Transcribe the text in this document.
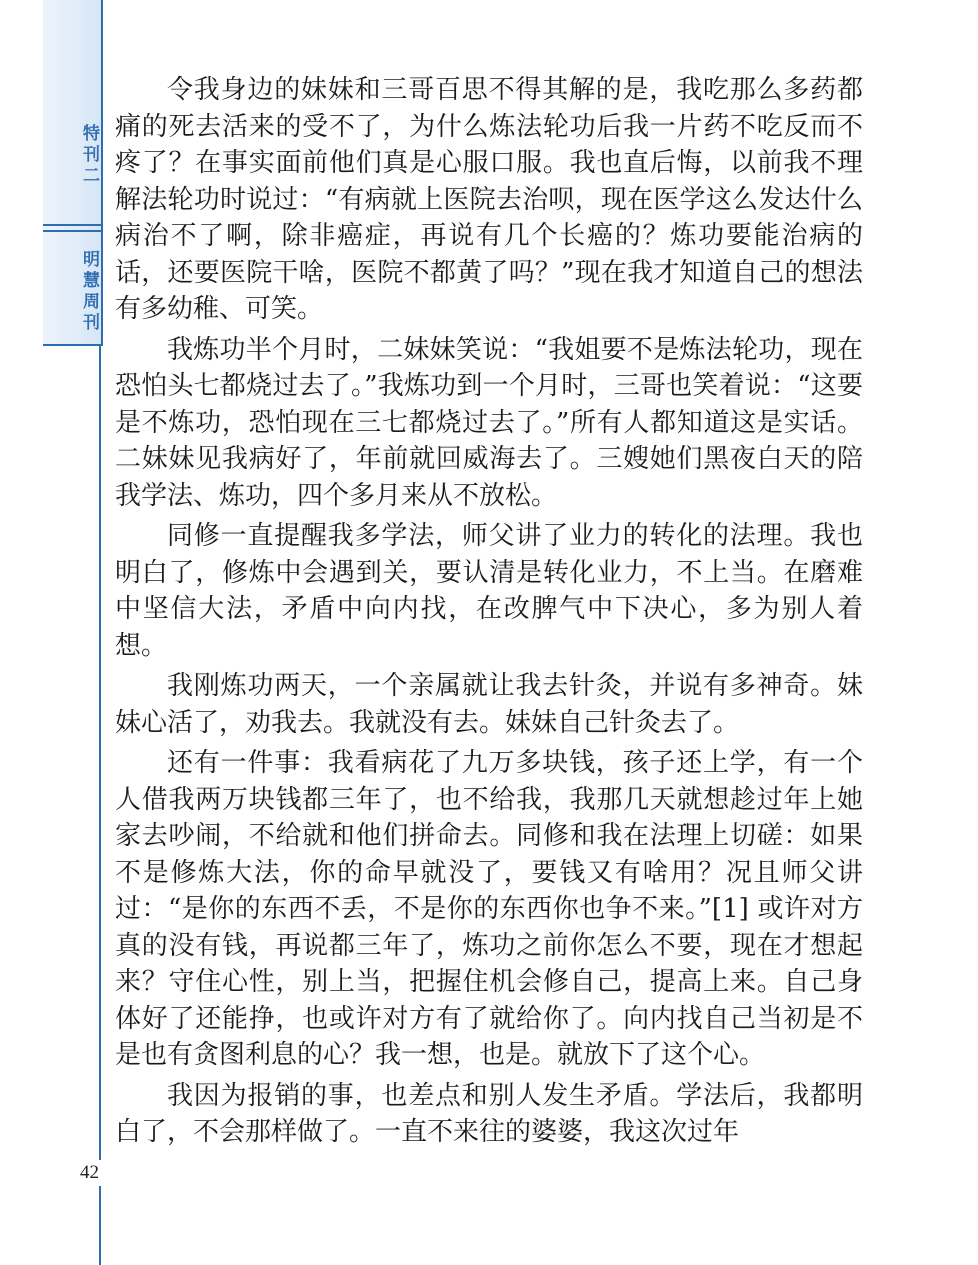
特刊二
明慧周刊
42

令我身边的妹妹和三哥百思不得其解的是，我吃那么多药都痛的死去活来的受不了，为什么炼法轮功后我一片药不吃反而不疼了？在事实面前他们真是心服口服。我也直后悔，以前我不理解法轮功时说过：“有病就上医院去治呗，现在医学这么发达什么病治不了啊，除非癌症，再说有几个长癌的？炼功要能治病的话，还要医院干啥，医院不都黄了吗？”现在我才知道自己的想法有多幼稚、可笑。

我炼功半个月时，二妹妹笑说：“我姐要不是炼法轮功，现在恐怕头七都烧过去了。”我炼功到一个月时，三哥也笑着说：“这要是不炼功，恐怕现在三七都烧过去了。”所有人都知道这是实话。二妹妹见我病好了，年前就回威海去了。三嫂她们黑夜白天的陪我学法、炼功，四个多月来从不放松。

同修一直提醒我多学法，师父讲了业力的转化的法理。我也明白了，修炼中会遇到关，要认清是转化业力，不上当。在磨难中坚信大法，矛盾中向内找，在改脾气中下决心，多为别人着想。

我刚炼功两天，一个亲属就让我去针灸，并说有多神奇。妹妹心活了，劝我去。我就没有去。妹妹自己针灸去了。

还有一件事：我看病花了九万多块钱，孩子还上学，有一个人借我两万块钱都三年了，也不给我，我那几天就想趁过年上她家去吵闹，不给就和他们拼命去。同修和我在法理上切磋：如果不是修炼大法，你的命早就没了，要钱又有啥用？况且师父讲过：“是你的东西不丢，不是你的东西你也争不来。”[1] 或许对方真的没有钱，再说都三年了，炼功之前你怎么不要，现在才想起来？守住心性，别上当，把握住机会修自己，提高上来。自己身体好了还能挣，也或许对方有了就给你了。向内找自己当初是不是也有贪图利息的心？我一想，也是。就放下了这个心。

我因为报销的事，也差点和别人发生矛盾。学法后，我都明白了，不会那样做了。一直不来往的婆婆，我这次过年
